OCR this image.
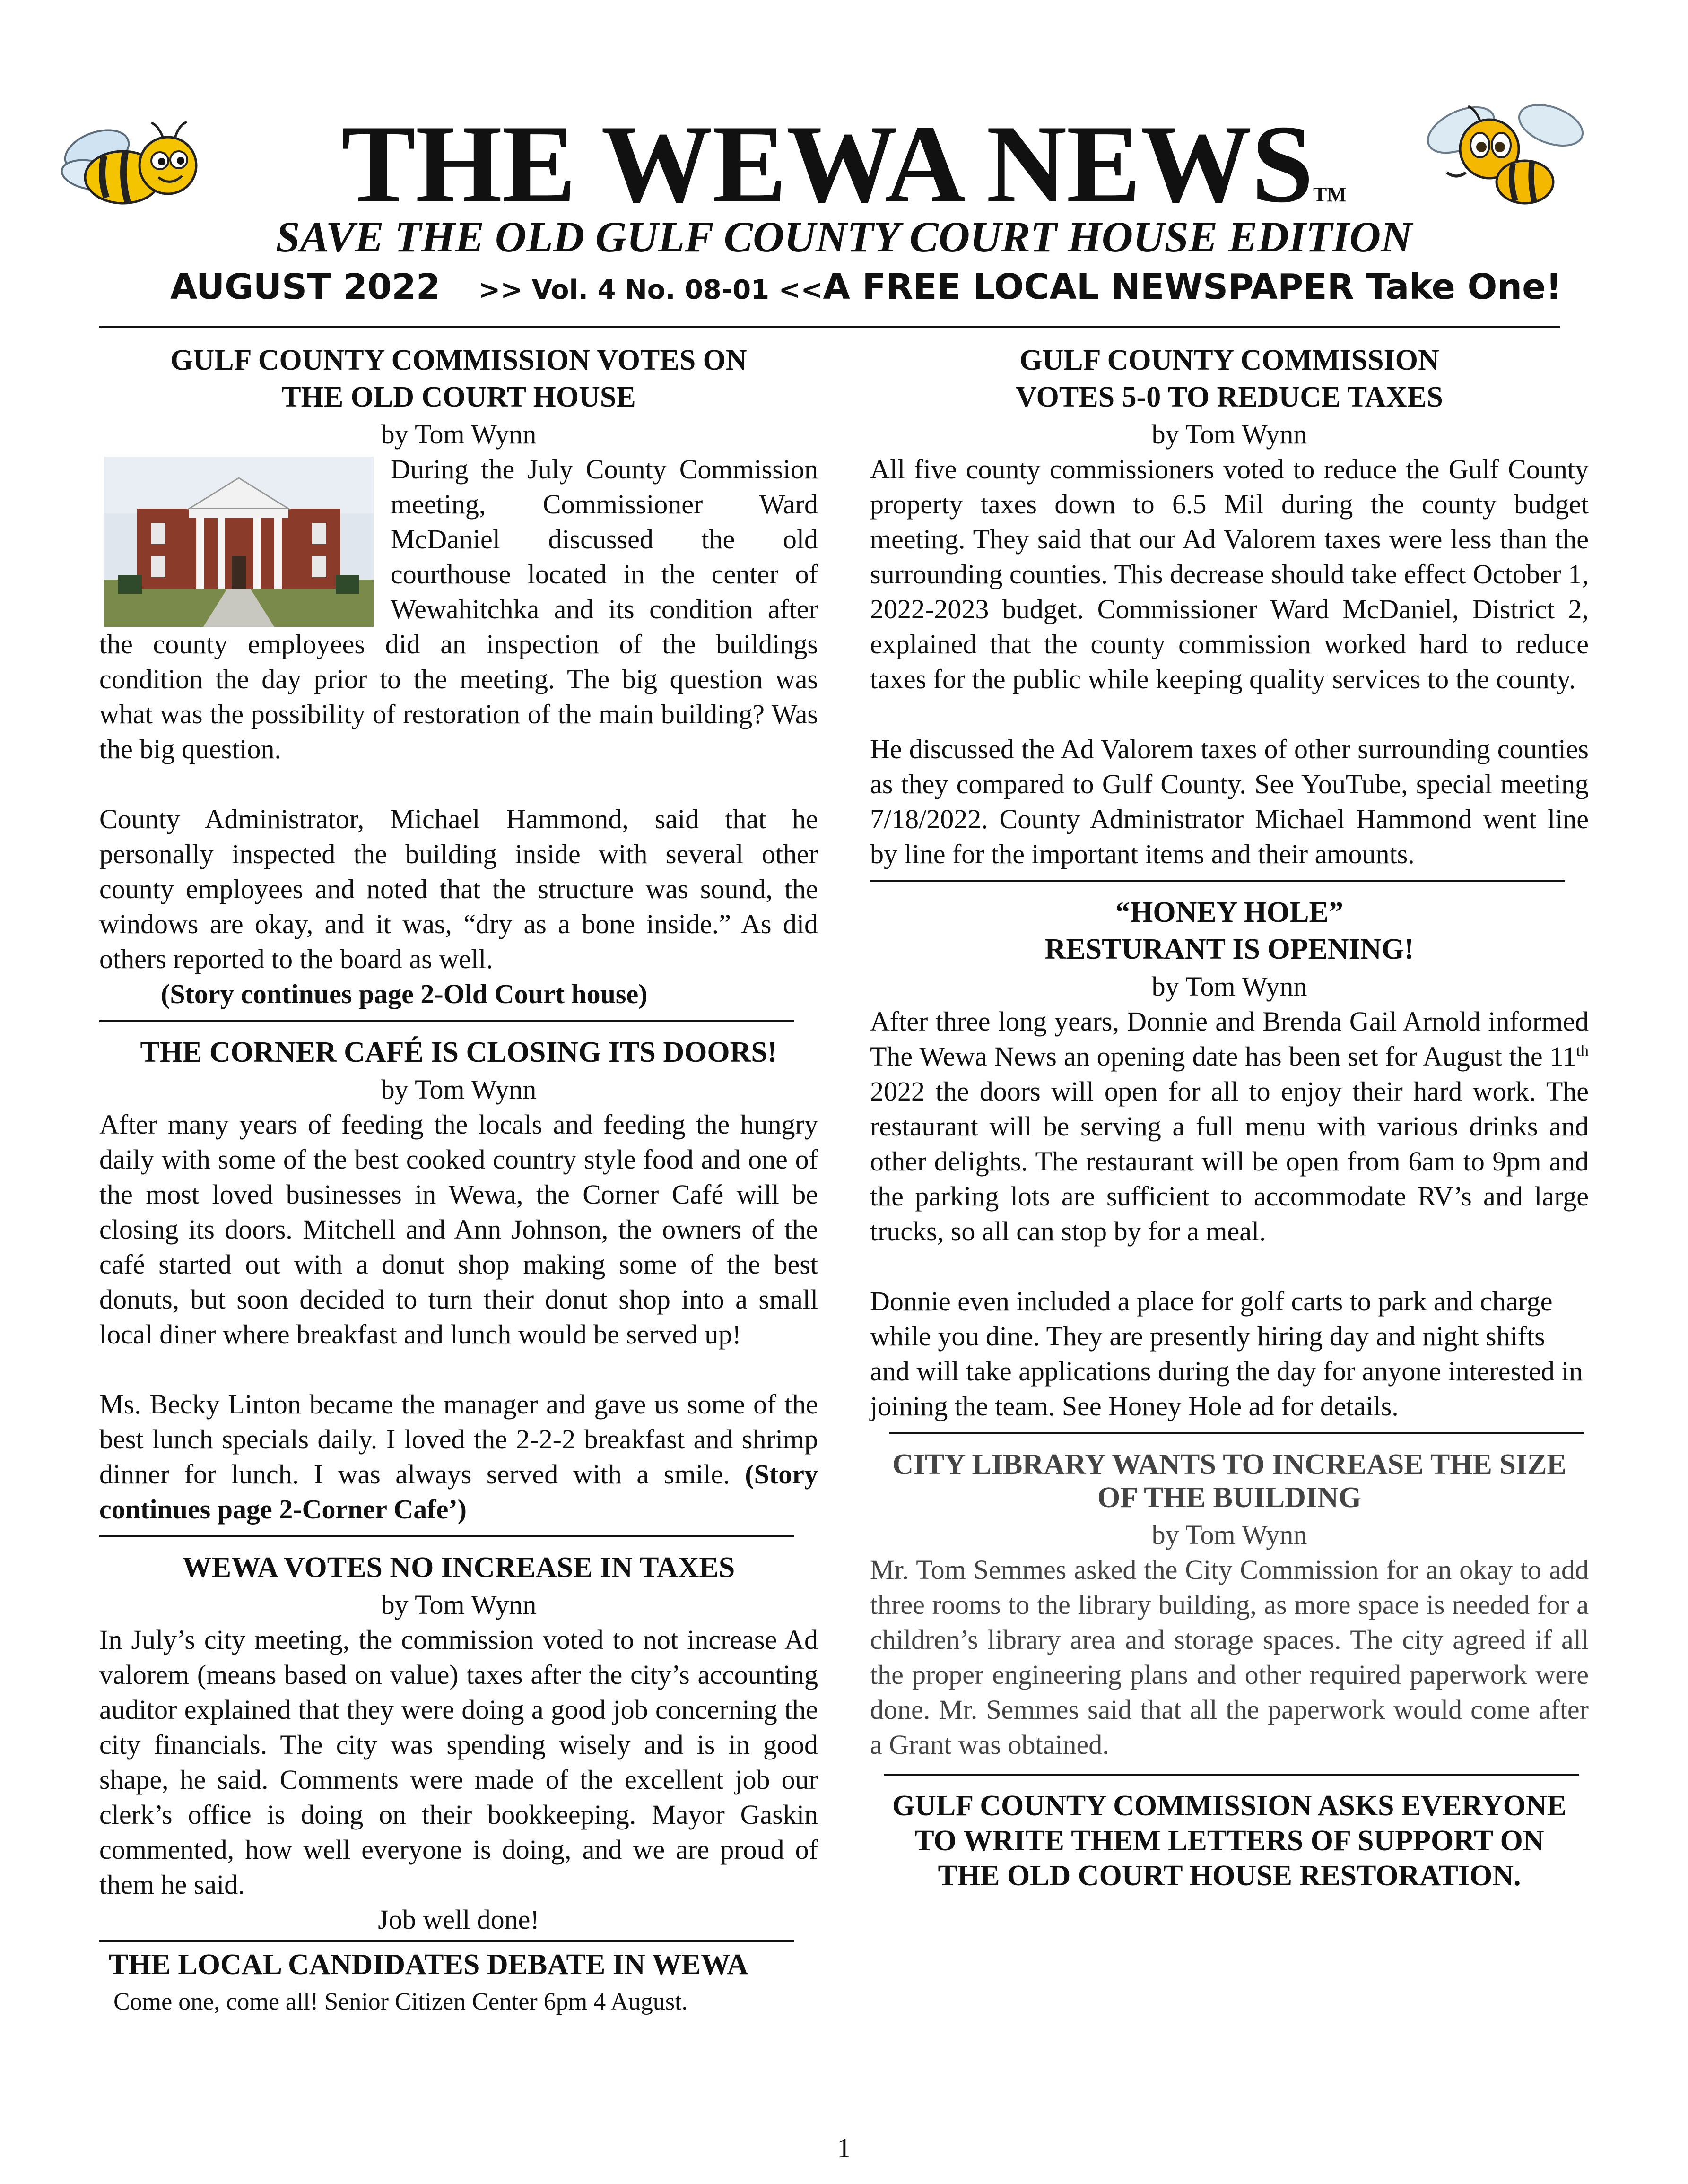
THE WEWA NEWSTM
SAVE THE OLD GULF COUNTY COURT HOUSE EDITION
AUGUST 2022 >> Vol. 4 No. 08-01 <<A FREE LOCAL NEWSPAPER Take One!

GULF COUNTY COMMISSION VOTES ON

THE OLD COURT HOUSE

by Tom Wynn

During the July County Commission meeting, Commissioner Ward McDaniel discussed the old courthouse located in the center of Wewahitchka and its condition after the county employees did an inspection of the buildings condition the day prior to the meeting. The big question was what was the possibility of restoration of the main building? Was the big question.

County Administrator, Michael Hammond, said that he personally inspected the building inside with several other county employees and noted that the structure was sound, the windows are okay, and it was, “dry as a bone inside.” As did others reported to the board as well.

(Story continues page 2-Old Court house)

THE CORNER CAFÉ IS CLOSING ITS DOORS!

by Tom Wynn

After many years of feeding the locals and feeding the hungry daily with some of the best cooked country style food and one of the most loved businesses in Wewa, the Corner Café will be closing its doors. Mitchell and Ann Johnson, the owners of the café started out with a donut shop making some of the best donuts, but soon decided to turn their donut shop into a small local diner where breakfast and lunch would be served up!

Ms. Becky Linton became the manager and gave us some of the best lunch specials daily. I loved the 2-2-2 breakfast and shrimp dinner for lunch. I was always served with a smile. (Story continues page 2-Corner Cafe’)

WEWA VOTES NO INCREASE IN TAXES

by Tom Wynn

In July’s city meeting, the commission voted to not increase Ad valorem (means based on value) taxes after the city’s accounting auditor explained that they were doing a good job concerning the city financials. The city was spending wisely and is in good shape, he said. Comments were made of the excellent job our clerk’s office is doing on their bookkeeping. Mayor Gaskin commented, how well everyone is doing, and we are proud of them he said.

Job well done!

THE LOCAL CANDIDATES DEBATE IN WEWA

Come one, come all! Senior Citizen Center 6pm 4 August.

GULF COUNTY COMMISSION

VOTES 5-0 TO REDUCE TAXES

by Tom Wynn

All five county commissioners voted to reduce the Gulf County property taxes down to 6.5 Mil during the county budget meeting. They said that our Ad Valorem taxes were less than the surrounding counties. This decrease should take effect October 1, 2022-2023 budget. Commissioner Ward McDaniel, District 2, explained that the county commission worked hard to reduce taxes for the public while keeping quality services to the county.

He discussed the Ad Valorem taxes of other surrounding counties as they compared to Gulf County. See YouTube, special meeting 7/18/2022. County Administrator Michael Hammond went line by line for the important items and their amounts.

“HONEY HOLE”

RESTURANT IS OPENING!

by Tom Wynn

After three long years, Donnie and Brenda Gail Arnold informed The Wewa News an opening date has been set for August the 11th 2022 the doors will open for all to enjoy their hard work. The restaurant will be serving a full menu with various drinks and other delights. The restaurant will be open from 6am to 9pm and the parking lots are sufficient to accommodate RV’s and large trucks, so all can stop by for a meal.

Donnie even included a place for golf carts to park and charge while you dine. They are presently hiring day and night shifts and will take applications during the day for anyone interested in joining the team. See Honey Hole ad for details.

CITY LIBRARY WANTS TO INCREASE THE SIZE

OF THE BUILDING

by Tom Wynn

Mr. Tom Semmes asked the City Commission for an okay to add three rooms to the library building, as more space is needed for a children’s library area and storage spaces. The city agreed if all the proper engineering plans and other required paperwork were done. Mr. Semmes said that all the paperwork would come after a Grant was obtained.

GULF COUNTY COMMISSION ASKS EVERYONE

TO WRITE THEM LETTERS OF SUPPORT ON

THE OLD COURT HOUSE RESTORATION.

1
